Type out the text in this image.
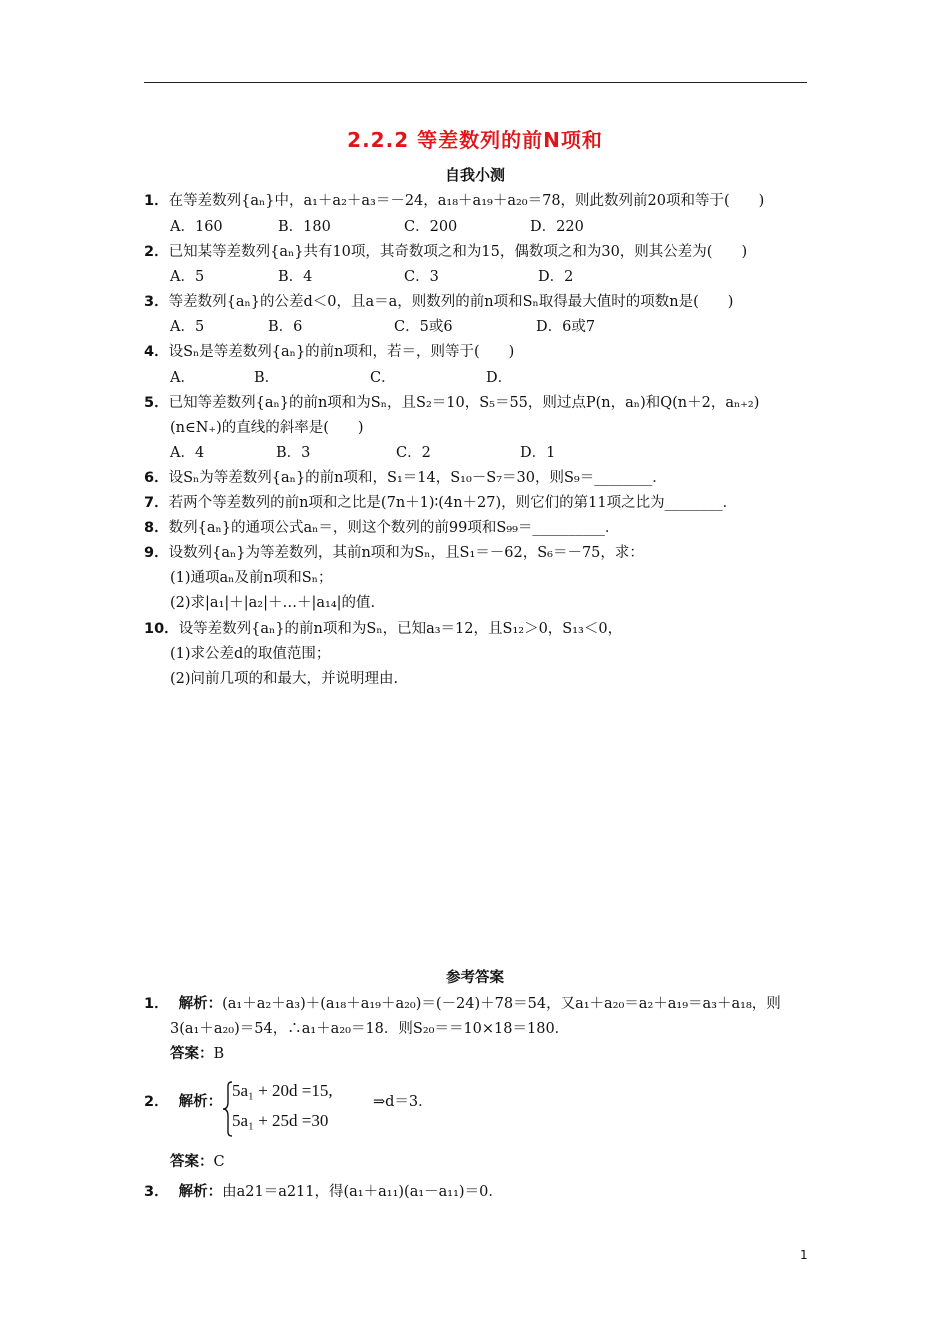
2.2.2 等差数列的前N项和
自我小测
1．在等差数列{aₙ}中，a₁＋a₂＋a₃＝－24，a₁₈＋a₁₉＋a₂₀＝78，则此数列前20项和等于(　　)
A．160	B．180	C．200	D．220
2．已知某等差数列{aₙ}共有10项，其奇数项之和为15，偶数项之和为30，则其公差为(　　)
A．5	B．4	C．3	D．2
3．等差数列{aₙ}的公差d＜0，且a＝a，则数列的前n项和Sₙ取得最大值时的项数n是(　　)
A．5	B．6	C．5或6	D．6或7
4．设Sₙ是等差数列{aₙ}的前n项和，若＝，则等于(　　)
A．	B．	C．	D．
5．已知等差数列{aₙ}的前n项和为Sₙ，且S₂＝10，S₅＝55，则过点P(n，aₙ)和Q(n＋2，aₙ₊₂)
(n∈N₊)的直线的斜率是(　　)
A．4	B．3	C．2	D．1
6．设Sₙ为等差数列{aₙ}的前n项和，S₁＝14，S₁₀－S₇＝30，则S₉＝________．
7．若两个等差数列的前n项和之比是(7n＋1)∶(4n＋27)，则它们的第11项之比为________．
8．数列{aₙ}的通项公式aₙ＝，则这个数列的前99项和S₉₉＝__________．
9．设数列{aₙ}为等差数列，其前n项和为Sₙ，且S₁＝－62，S₆＝－75，求：
(1)通项aₙ及前n项和Sₙ；
(2)求|a₁|＋|a₂|＋…＋|a₁₄|的值.
10．设等差数列{aₙ}的前n项和为Sₙ，已知a₃＝12，且S₁₂＞0，S₁₃＜0，
(1)求公差d的取值范围；
(2)问前几项的和最大，并说明理由.
参考答案
1． 解析：(a₁＋a₂＋a₃)＋(a₁₈＋a₁₉＋a₂₀)＝(－24)＋78＝54，又a₁＋a₂₀＝a₂＋a₁₉＝a₃＋a₁₈，则
3(a₁＋a₂₀)＝54，∴a₁＋a₂₀＝18．则S₂₀＝＝10×18＝180．
答案：B
2． 解析：
5a₁ + 20d =15,
5a₁ + 25d =30
⇒d＝3．
答案：C
3． 解析：由a21＝a211，得(a₁＋a₁₁)(a₁－a₁₁)＝0．
1
